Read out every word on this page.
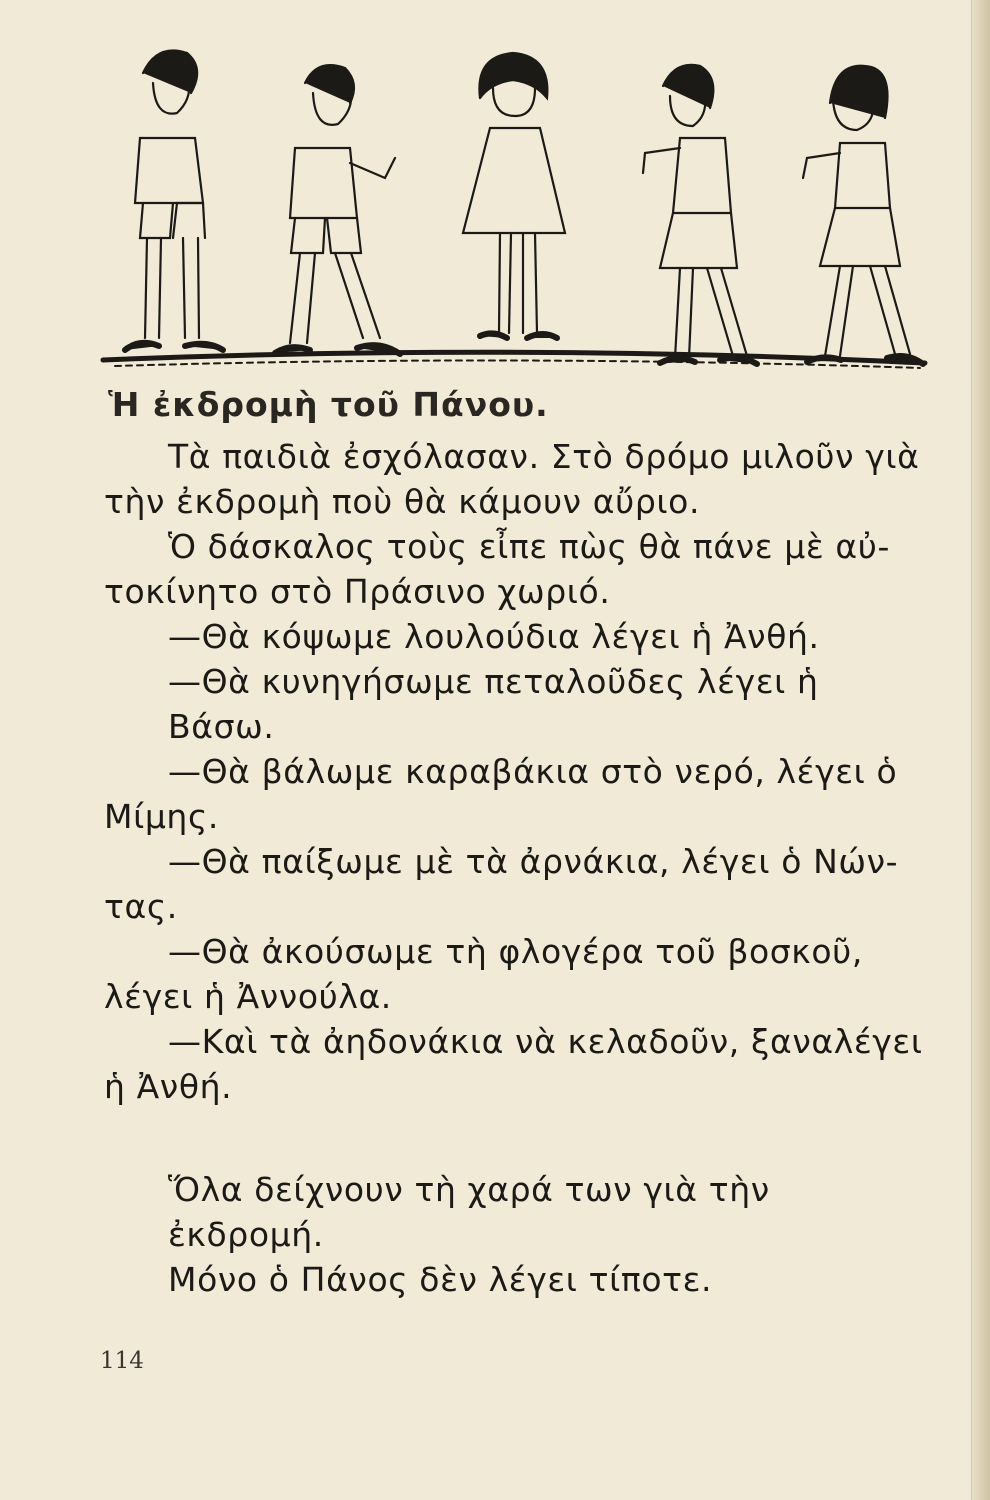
Ἡ ἐκδρομὴ τοῦ Πάνου.

Τὰ παιδιὰ ἐσχόλασαν. Στὸ δρόμο μιλοῦν γιὰ

τὴν ἐκδρομὴ ποὺ θὰ κάμουν αὔριο.

Ὁ δάσκαλος τοὺς εἶπε πὼς θὰ πάνε μὲ αὐ-

τοκίνητο στὸ Πράσινο χωριό.

—Θὰ κόψωμε λουλούδια λέγει ἡ Ἀνθή.

—Θὰ κυνηγήσωμε πεταλοῦδες λέγει ἡ Βάσω.

—Θὰ βάλωμε καραβάκια στὸ νερό, λέγει ὁ

Μίμης.

—Θὰ παίξωμε μὲ τὰ ἀρνάκια, λέγει ὁ Νών-

τας.

—Θὰ ἀκούσωμε τὴ φλογέρα τοῦ βοσκοῦ,

λέγει ἡ Ἀννούλα.

—Καὶ τὰ ἀηδονάκια νὰ κελαδοῦν, ξαναλέγει

ἡ Ἀνθή.

Ὅλα δείχνουν τὴ χαρά των γιὰ τὴν ἐκδρομή.

Μόνο ὁ Πάνος δὲν λέγει τίποτε.

114
